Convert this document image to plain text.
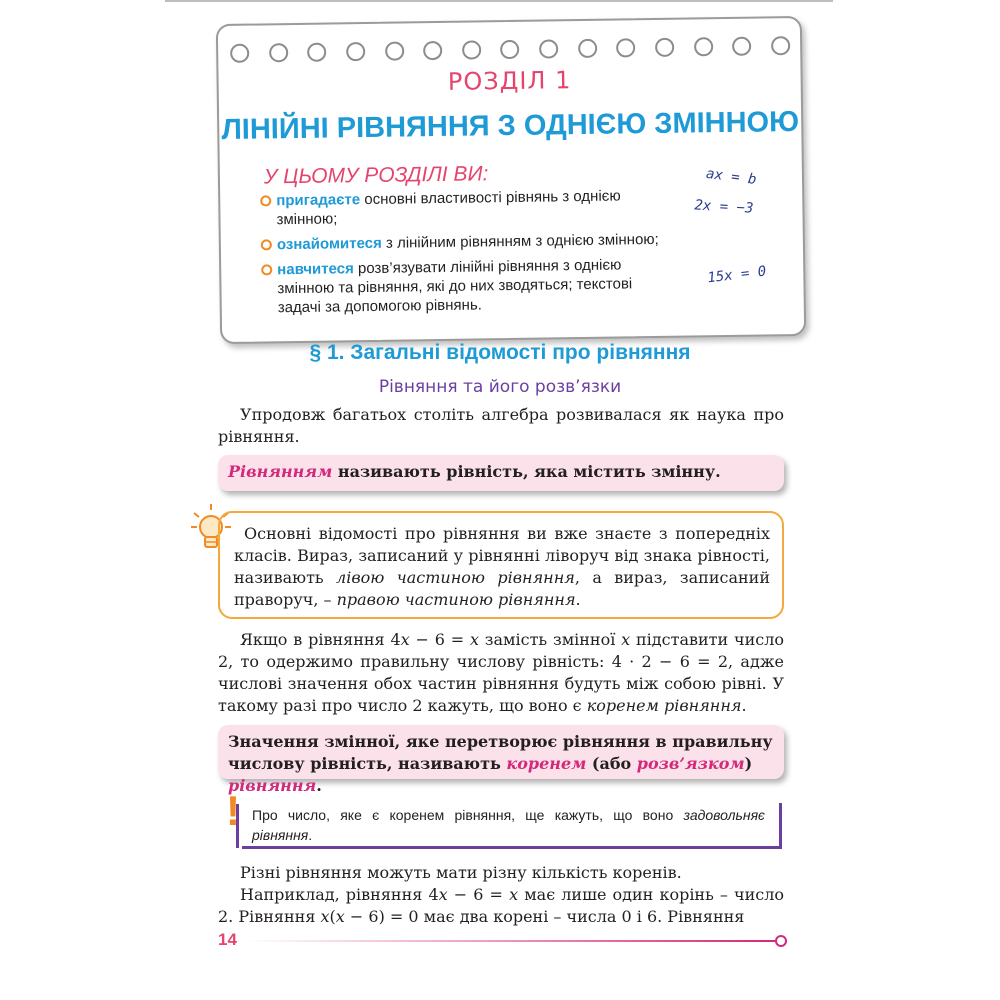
РОЗДІЛ 1
ЛІНІЙНІ РІВНЯННЯ З ОДНІЄЮ ЗМІННОЮ
У ЦЬОМУ РОЗДІЛІ ВИ:
пригадаєте основні властивості рівнянь з однією змінною;
ознайомитеся з лінійним рівнянням з однією змінною;
навчитеся розв’язувати лінійні рівняння з однією змінною та рівняння, які до них зводяться; текстові задачі за допомогою рівнянь.
ax = b
2x = −3
15x = 0
§ 1. Загальні відомості про рівняння
Рівняння та його розв’язки

Упродовж багатьох століть алгебра розвивалася як наука про рівняння.

Рівнянням називають рівність, яка містить змінну.
Основні відомості про рівняння ви вже знаєте з попередніх класів. Вираз, записаний у рівнянні ліворуч від знака рівності, називають лівою частиною рівняння, а вираз, записаний праворуч, – правою частиною рівняння.

Якщо в рівняння 4x − 6 = x замість змінної x підставити число 2, то одержимо правильну числову рівність: 4 · 2 − 6 = 2, адже числові значення обох частин рівняння будуть між собою рівні. У такому разі про число 2 кажуть, що воно є коренем рівняння.

Значення змінної, яке перетворює рівняння в правильну числову рівність, називають коренем (або розв’язком) рівняння.
! Про число, яке є коренем рівняння, ще кажуть, що воно задовольняє рівняння.

Різні рівняння можуть мати різну кількість коренів.

Наприклад, рівняння 4x − 6 = x має лише один корінь – число 2. Рівняння x(x − 6) = 0 має два корені – числа 0 і 6. Рівняння

14
